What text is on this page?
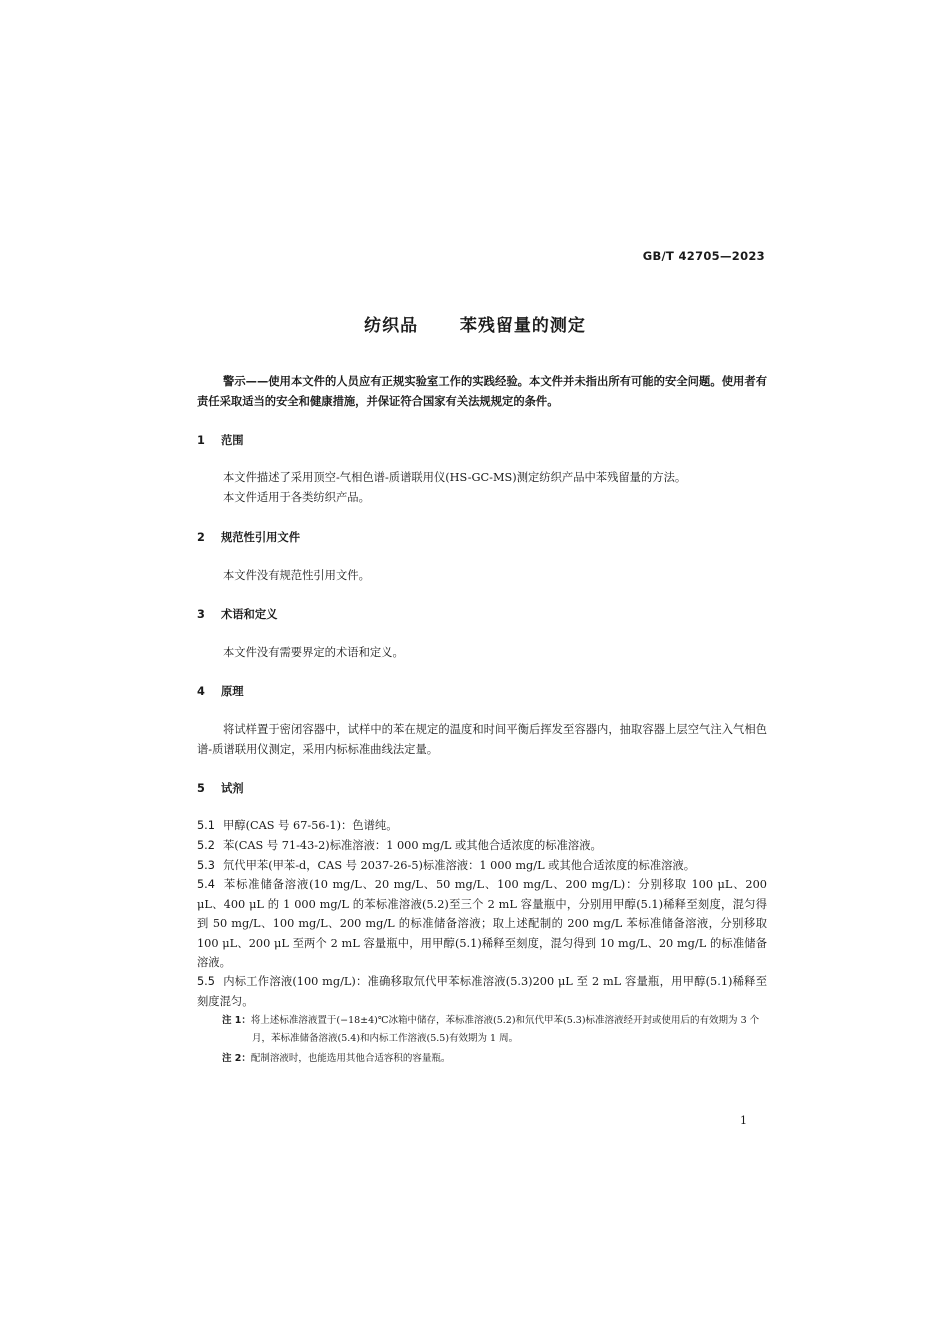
GB/T 42705—2023
纺织品  苯残留量的测定
警示——使用本文件的人员应有正规实验室工作的实践经验。本文件并未指出所有可能的安全问题。使用者有责任采取适当的安全和健康措施，并保证符合国家有关法规规定的条件。
1 范围
本文件描述了采用顶空-气相色谱-质谱联用仪(HS-GC-MS)测定纺织产品中苯残留量的方法。
本文件适用于各类纺织产品。
2 规范性引用文件
本文件没有规范性引用文件。
3 术语和定义
本文件没有需要界定的术语和定义。
4 原理
将试样置于密闭容器中，试样中的苯在规定的温度和时间平衡后挥发至容器内，抽取容器上层空气注入气相色谱-质谱联用仪测定，采用内标标准曲线法定量。
5 试剂
5.1 甲醇(CAS 号 67-56-1)：色谱纯。
5.2 苯(CAS 号 71-43-2)标准溶液：1 000 mg/L 或其他合适浓度的标准溶液。
5.3 氘代甲苯(甲苯-d，CAS 号 2037-26-5)标准溶液：1 000 mg/L 或其他合适浓度的标准溶液。
5.4 苯标准储备溶液(10 mg/L、20 mg/L、50 mg/L、100 mg/L、200 mg/L)：分别移取 100 μL、200 μL、400 μL 的 1 000 mg/L 的苯标准溶液(5.2)至三个 2 mL 容量瓶中，分别用甲醇(5.1)稀释至刻度，混匀得到 50 mg/L、100 mg/L、200 mg/L 的标准储备溶液；取上述配制的 200 mg/L 苯标准储备溶液，分别移取 100 μL、200 μL 至两个 2 mL 容量瓶中，用甲醇(5.1)稀释至刻度，混匀得到 10 mg/L、20 mg/L 的标准储备溶液。
5.5 内标工作溶液(100 mg/L)：准确移取氘代甲苯标准溶液(5.3)200 μL 至 2 mL 容量瓶，用甲醇(5.1)稀释至刻度混匀。
注 1：将上述标准溶液置于(−18±4)℃冰箱中储存，苯标准溶液(5.2)和氘代甲苯(5.3)标准溶液经开封或使用后的有效期为 3 个月，苯标准储备溶液(5.4)和内标工作溶液(5.5)有效期为 1 周。
注 2：配制溶液时，也能选用其他合适容积的容量瓶。
1
